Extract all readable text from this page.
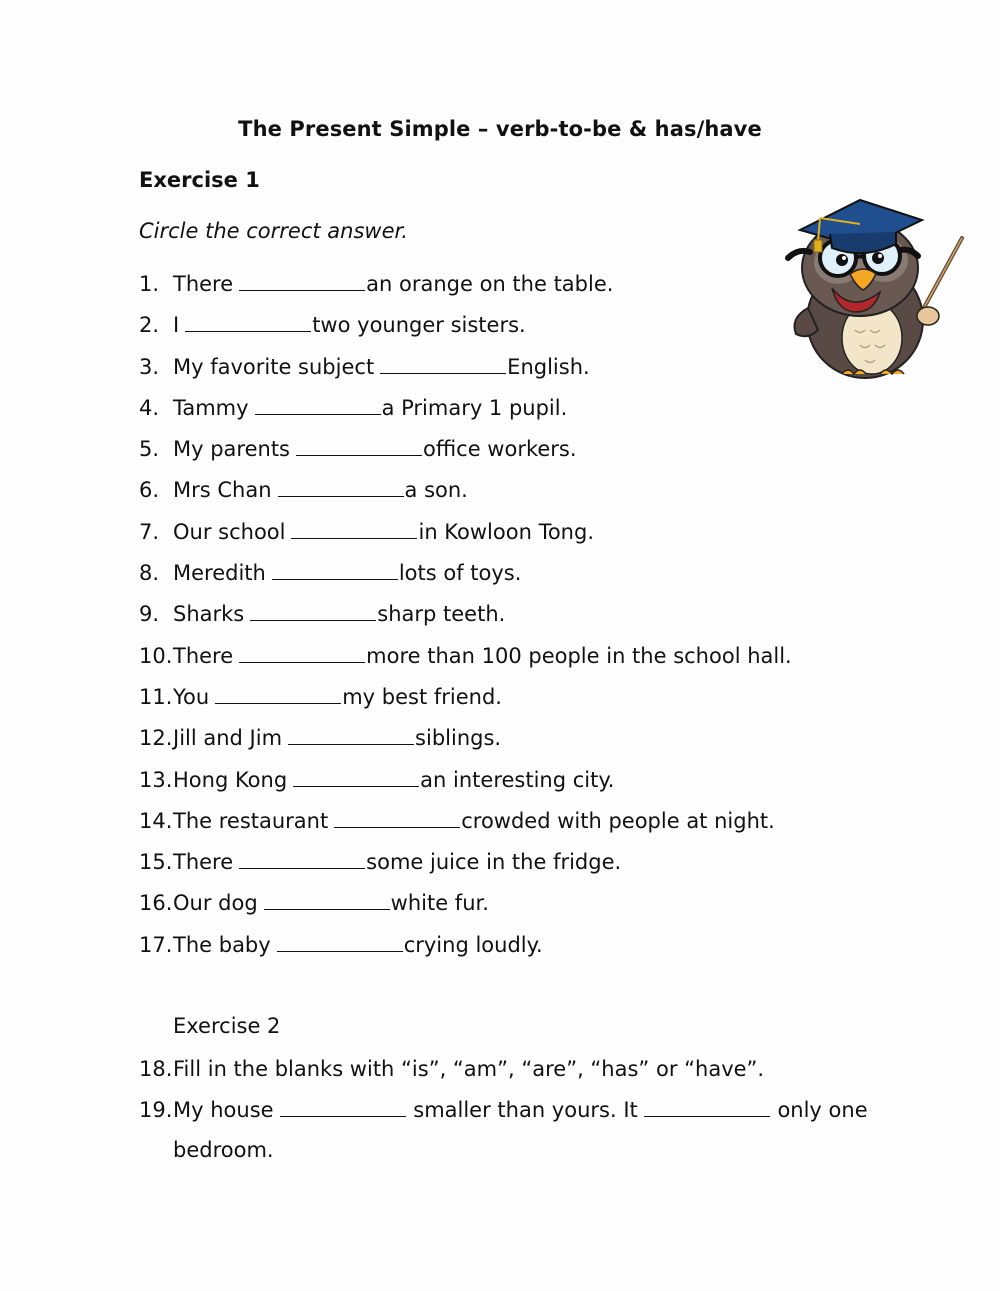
The Present Simple – verb-to-be & has/have
Exercise 1
Circle the correct answer.
1. There	an orange on the table.
2. I	two younger sisters.
3. My favorite subject	English.
4. Tammy	a Primary 1 pupil.
5. My parents	office workers.
6. Mrs Chan	a son.
7. Our school	in Kowloon Tong.
8. Meredith	lots of toys.
9. Sharks	sharp teeth.
10. There	more than 100 people in the school hall.
11. You	my best friend.
12. Jill and Jim	siblings.
13. Hong Kong	an interesting city.
14. The restaurant	crowded with people at night.
15. There	some juice in the fridge.
16. Our dog	white fur.
17. The baby	crying loudly.
Exercise 2
18. Fill in the blanks with “is”, “am”, “are”, “has” or “have”.
19. My house	smaller than yours. It	only one
bedroom.
